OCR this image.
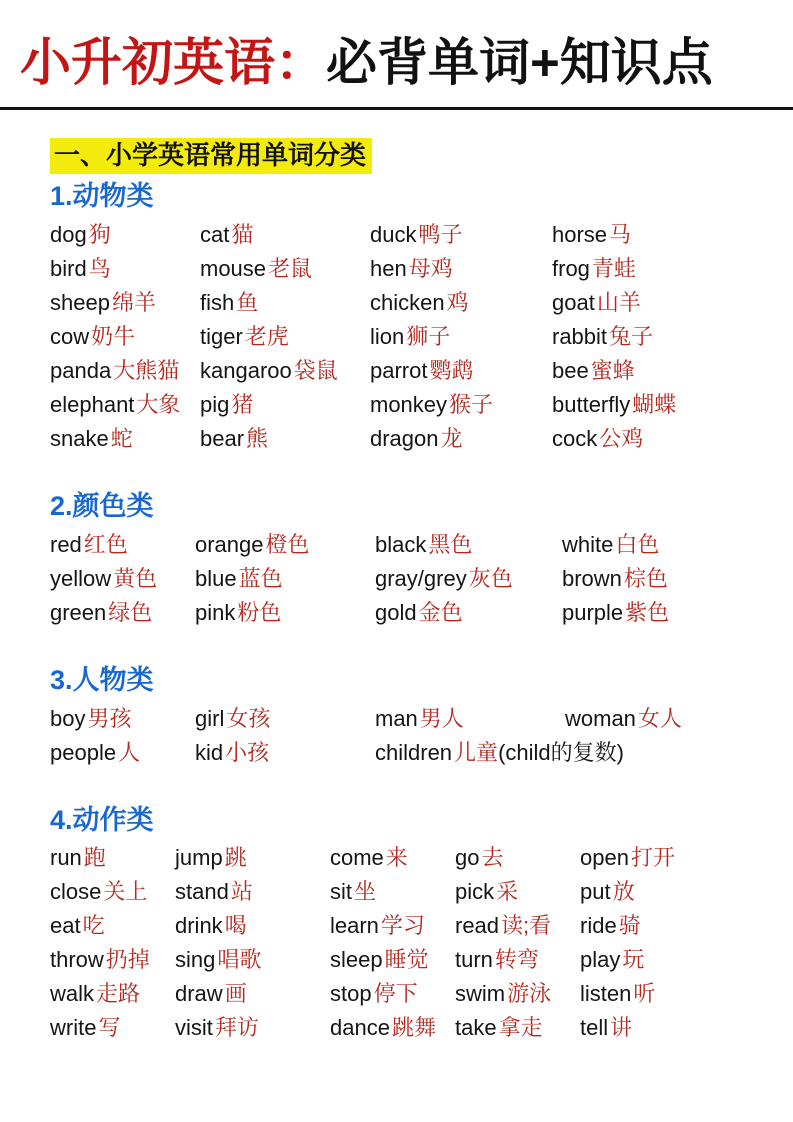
小升初英语：必背单词+知识点
一、小学英语常用单词分类
1.动物类
dog狗	cat猫	duck鸭子	horse马
bird鸟	mouse老鼠	hen母鸡	frog青蛙
sheep绵羊	fish鱼	chicken鸡	goat山羊
cow奶牛	tiger老虎	lion狮子	rabbit兔子
panda大熊猫 kangaroo袋鼠	parrot鹦鹉	bee蜜蜂
elephant大象 pig猪	monkey猴子	butterfly蝴蝶
snake蛇	bear熊	dragon龙	cock公鸡
2.颜色类
red红色	orange橙色	black黑色	white白色
yellow黄色	blue蓝色	gray/grey灰色	brown棕色
green绿色	pink粉色	gold金色	purple紫色
3.人物类
boy男孩	girl女孩	man男人	woman女人
people人	kid小孩	children儿童(child的复数)
4.动作类
run跑	jump跳	come来	go去	open打开
close关上	stand站	sit坐	pick采	put放
eat吃	drink喝	learn学习	read读;看	ride骑
throw扔掉	sing唱歌	sleep睡觉	turn转弯	play玩
walk走路	draw画	stop停下	swim游泳	listen听
write写	visit拜访	dance跳舞 take拿走	tell讲
